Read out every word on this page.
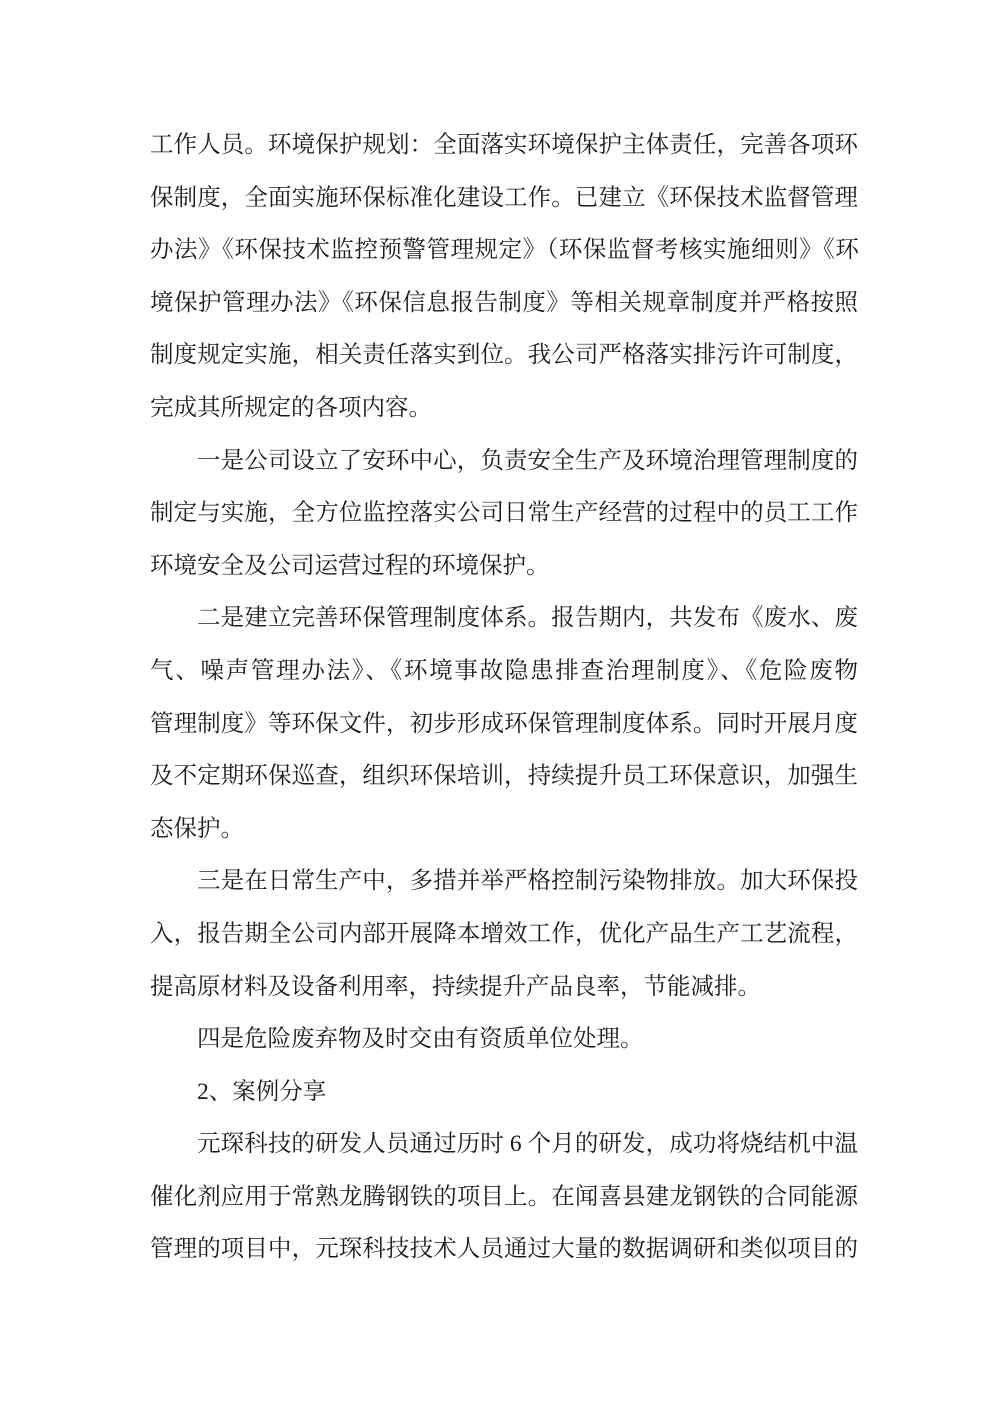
工作人员。环境保护规划：全面落实环境保护主体责任，完善各项环
保制度，全面实施环保标准化建设工作。已建立《环保技术监督管理
办法》《环保技术监控预警管理规定》（环保监督考核实施细则》《环
境保护管理办法》《环保信息报告制度》等相关规章制度并严格按照
制度规定实施，相关责任落实到位。我公司严格落实排污许可制度，
完成其所规定的各项内容。
一是公司设立了安环中心，负责安全生产及环境治理管理制度的
制定与实施，全方位监控落实公司日常生产经营的过程中的员工工作
环境安全及公司运营过程的环境保护。
二是建立完善环保管理制度体系。报告期内，共发布《废水、废
气、噪声管理办法》、《环境事故隐患排查治理制度》、《危险废物
管理制度》等环保文件，初步形成环保管理制度体系。同时开展月度
及不定期环保巡查，组织环保培训，持续提升员工环保意识，加强生
态保护。
三是在日常生产中，多措并举严格控制污染物排放。加大环保投
入，报告期全公司内部开展降本增效工作，优化产品生产工艺流程，
提高原材料及设备利用率，持续提升产品良率，节能减排。
四是危险废弃物及时交由有资质单位处理。
2、案例分享
元琛科技的研发人员通过历时 6 个月的研发，成功将烧结机中温
催化剂应用于常熟龙腾钢铁的项目上。在闻喜县建龙钢铁的合同能源
管理的项目中，元琛科技技术人员通过大量的数据调研和类似项目的
